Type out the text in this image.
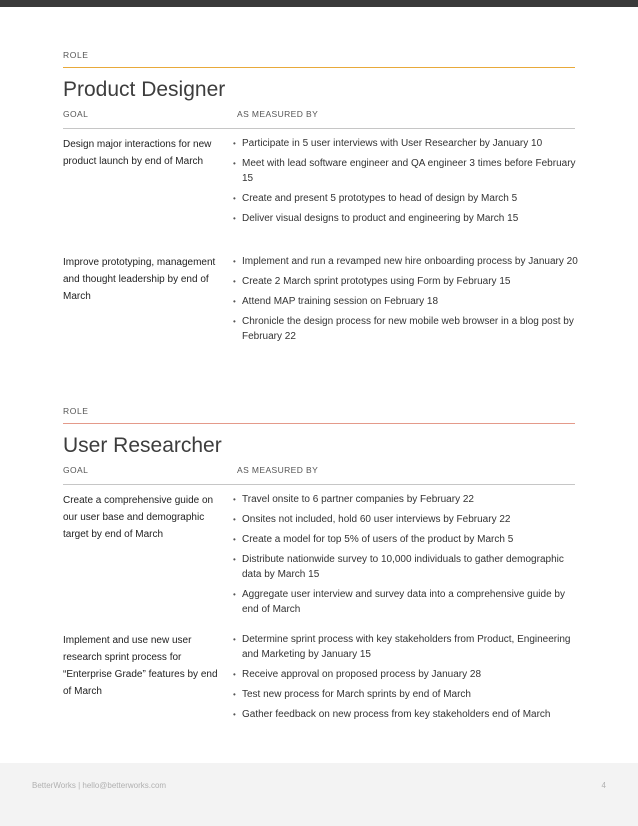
ROLE
Product Designer
GOAL	AS MEASURED BY
Design major interactions for new product launch by end of March
• Participate in 5 user interviews with User Researcher by January 10
• Meet with lead software engineer and QA engineer 3 times before February 15
• Create and present 5 prototypes to head of design by March 5
• Deliver visual designs to product and engineering by March 15
Improve prototyping, management and thought leadership by end of March
• Implement and run a revamped new hire onboarding process by January 20
• Create 2 March sprint prototypes using Form by February 15
• Attend MAP training session on February 18
• Chronicle the design process for new mobile web browser in a blog post by February 22
ROLE
User Researcher
GOAL	AS MEASURED BY
Create a comprehensive guide on our user base and demographic target by end of March
• Travel onsite to 6 partner companies by February 22
• Onsites not included, hold 60 user interviews by February 22
• Create a model for top 5% of users of the product by March 5
• Distribute nationwide survey to 10,000 individuals to gather demographic data by March 15
• Aggregate user interview and survey data into a comprehensive guide by end of March
Implement and use new user research sprint process for “Enterprise Grade” features by end of March
• Determine sprint process with key stakeholders from Product, Engineering and Marketing by January 15
• Receive approval on proposed process by January 28
• Test new process for March sprints by end of March
• Gather feedback on new process from key stakeholders end of March
BetterWorks | hello@betterworks.com	4
